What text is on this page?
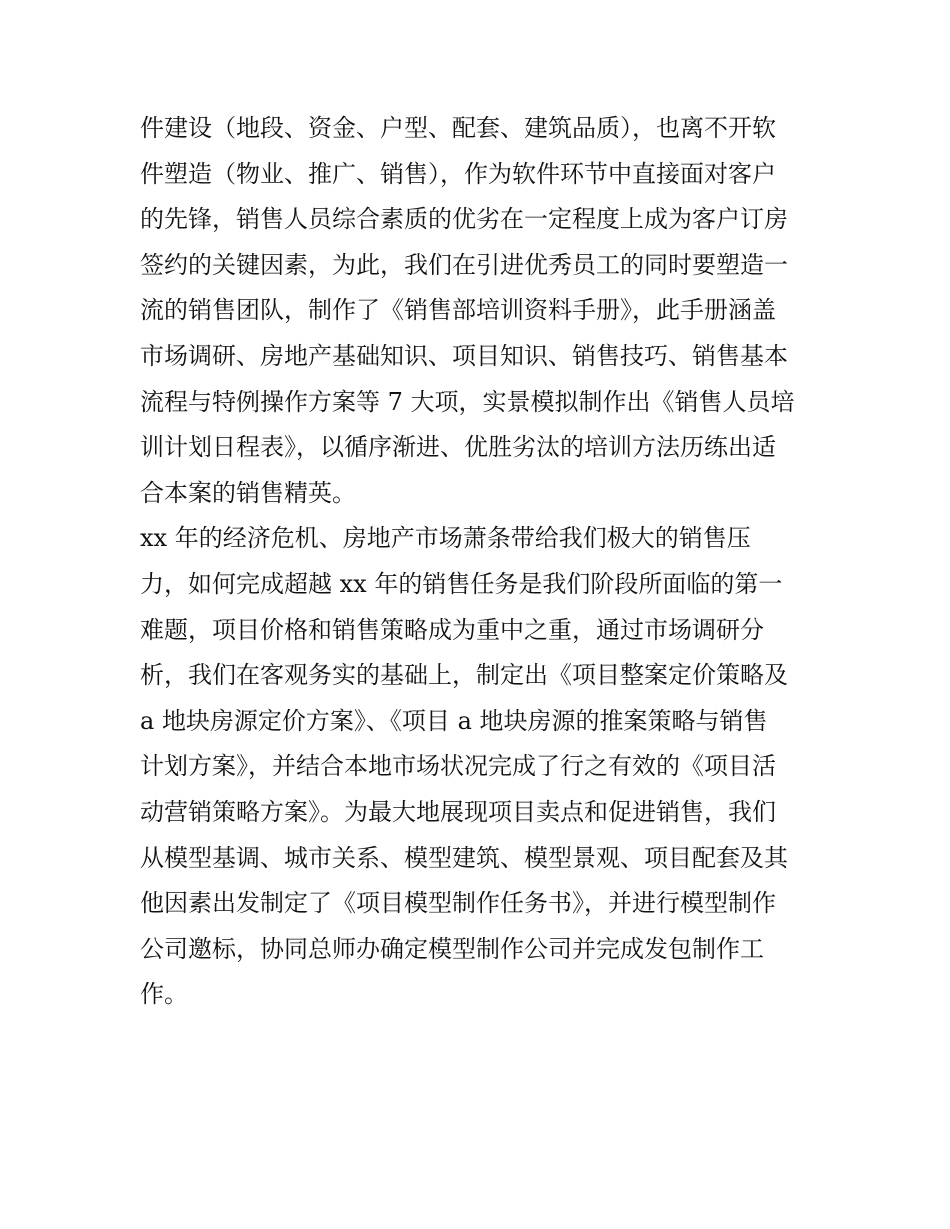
件建设（地段、资金、户型、配套、建筑品质），也离不开软
件塑造（物业、推广、销售），作为软件环节中直接面对客户
的先锋，销售人员综合素质的优劣在一定程度上成为客户订房
签约的关键因素，为此，我们在引进优秀员工的同时要塑造一
流的销售团队，制作了《销售部培训资料手册》，此手册涵盖
市场调研、房地产基础知识、项目知识、销售技巧、销售基本
流程与特例操作方案等 7 大项，实景模拟制作出《销售人员培
训计划日程表》，以循序渐进、优胜劣汰的培训方法历练出适
合本案的销售精英。
xx 年的经济危机、房地产市场萧条带给我们极大的销售压
力，如何完成超越 xx 年的销售任务是我们阶段所面临的第一
难题，项目价格和销售策略成为重中之重，通过市场调研分
析，我们在客观务实的基础上，制定出《项目整案定价策略及
a 地块房源定价方案》、《项目 a 地块房源的推案策略与销售
计划方案》，并结合本地市场状况完成了行之有效的《项目活
动营销策略方案》。为最大地展现项目卖点和促进销售，我们
从模型基调、城市关系、模型建筑、模型景观、项目配套及其
他因素出发制定了《项目模型制作任务书》，并进行模型制作
公司邀标，协同总师办确定模型制作公司并完成发包制作工
作。
